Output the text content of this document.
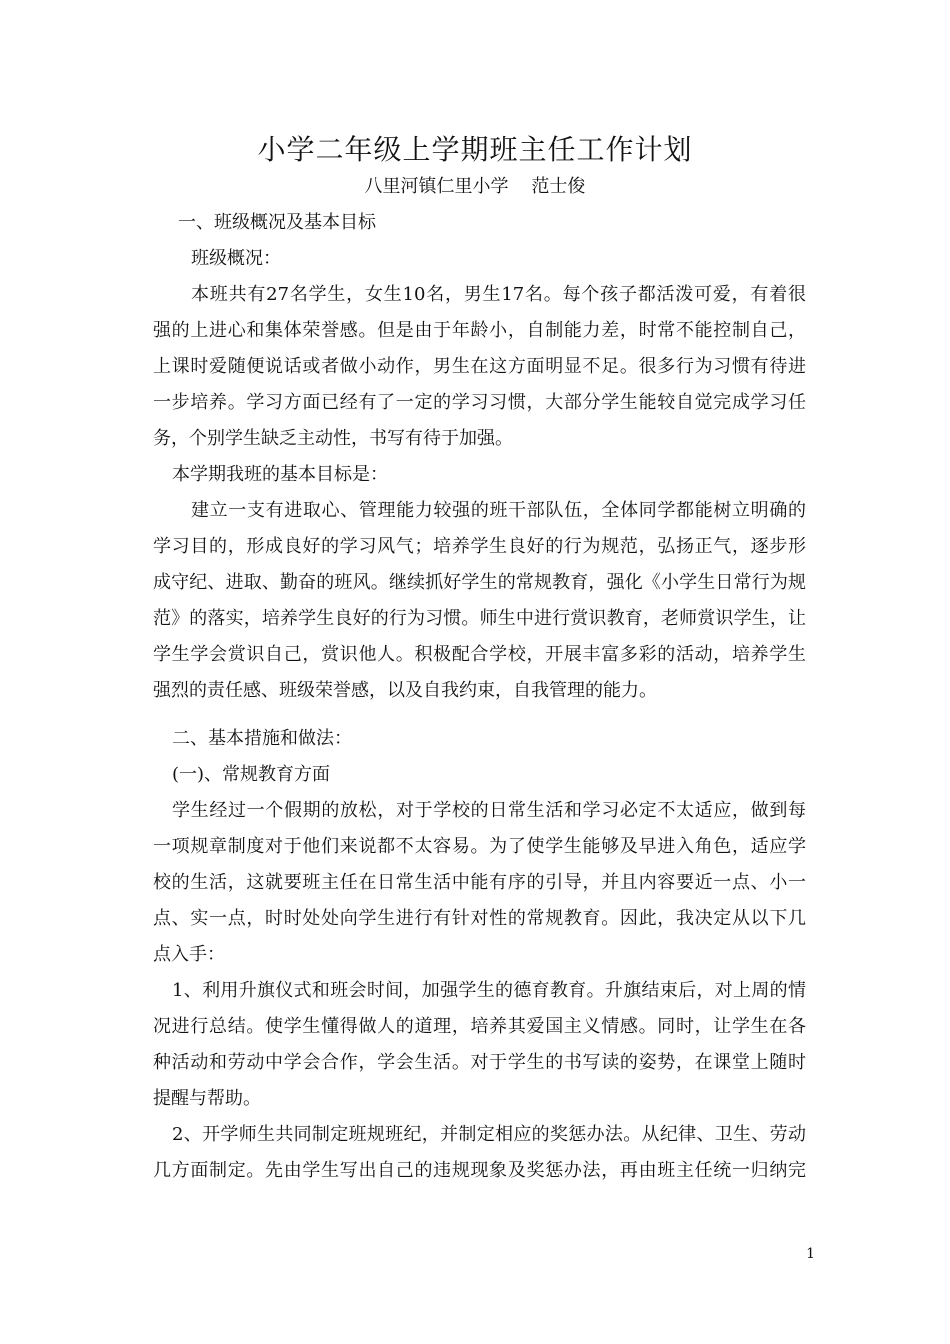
小学二年级上学期班主任工作计划
八里河镇仁里小学    范士俊
一、班级概况及基本目标
班级概况：
本班共有27名学生，女生10名，男生17名。每个孩子都活泼可爱，有着很
强的上进心和集体荣誉感。但是由于年龄小，自制能力差，时常不能控制自己，
上课时爱随便说话或者做小动作，男生在这方面明显不足。很多行为习惯有待进
一步培养。学习方面已经有了一定的学习习惯，大部分学生能较自觉完成学习任
务，个别学生缺乏主动性，书写有待于加强。
本学期我班的基本目标是：
建立一支有进取心、管理能力较强的班干部队伍，全体同学都能树立明确的
学习目的，形成良好的学习风气；培养学生良好的行为规范，弘扬正气，逐步形
成守纪、进取、勤奋的班风。继续抓好学生的常规教育，强化《小学生日常行为规
范》的落实，培养学生良好的行为习惯。师生中进行赏识教育，老师赏识学生，让
学生学会赏识自己，赏识他人。积极配合学校，开展丰富多彩的活动，培养学生
强烈的责任感、班级荣誉感，以及自我约束，自我管理的能力。
二、基本措施和做法：
(一)、常规教育方面
学生经过一个假期的放松，对于学校的日常生活和学习必定不太适应，做到每
一项规章制度对于他们来说都不太容易。为了使学生能够及早进入角色，适应学
校的生活，这就要班主任在日常生活中能有序的引导，并且内容要近一点、小一
点、实一点，时时处处向学生进行有针对性的常规教育。因此，我决定从以下几
点入手：
1、利用升旗仪式和班会时间，加强学生的德育教育。升旗结束后，对上周的情
况进行总结。使学生懂得做人的道理，培养其爱国主义情感。同时，让学生在各
种活动和劳动中学会合作，学会生活。对于学生的书写读的姿势，在课堂上随时
提醒与帮助。
2、开学师生共同制定班规班纪，并制定相应的奖惩办法。从纪律、卫生、劳动
几方面制定。先由学生写出自己的违规现象及奖惩办法，再由班主任统一归纳完
1
